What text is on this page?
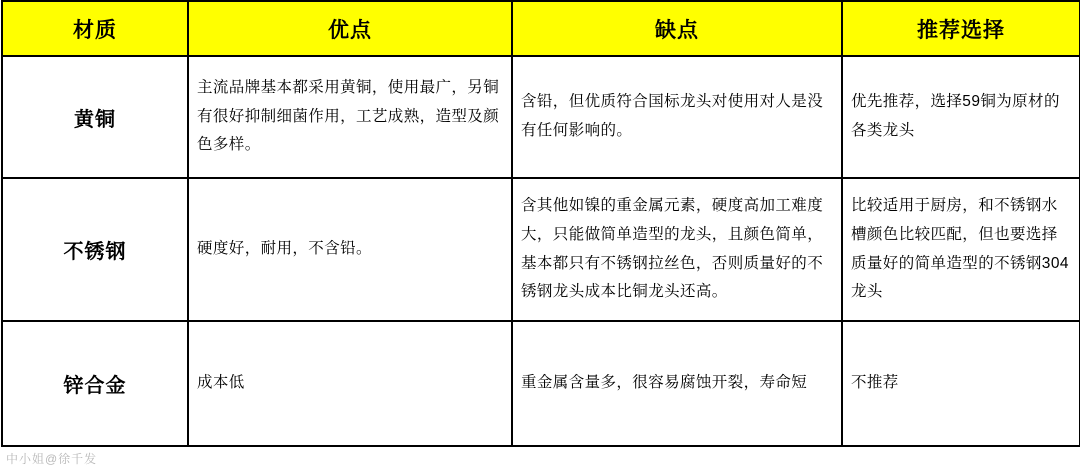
材质	优点	缺点	推荐选择
黄铜	主流品牌基本都采用黄铜，使用最广，另铜有很好抑制细菌作用，工艺成熟，造型及颜色多样。	含铅，但优质符合国标龙头对使用对人是没有任何影响的。	优先推荐，选择59铜为原材的各类龙头
不锈钢	硬度好，耐用，不含铅。	含其他如镍的重金属元素，硬度高加工难度大，只能做简单造型的龙头，且颜色简单，基本都只有不锈钢拉丝色，否则质量好的不锈钢龙头成本比铜龙头还高。	比较适用于厨房，和不锈钢水槽颜色比较匹配，但也要选择质量好的简单造型的不锈钢304龙头
锌合金	成本低	重金属含量多，很容易腐蚀开裂，寿命短	不推荐
中小姐@徐千发
